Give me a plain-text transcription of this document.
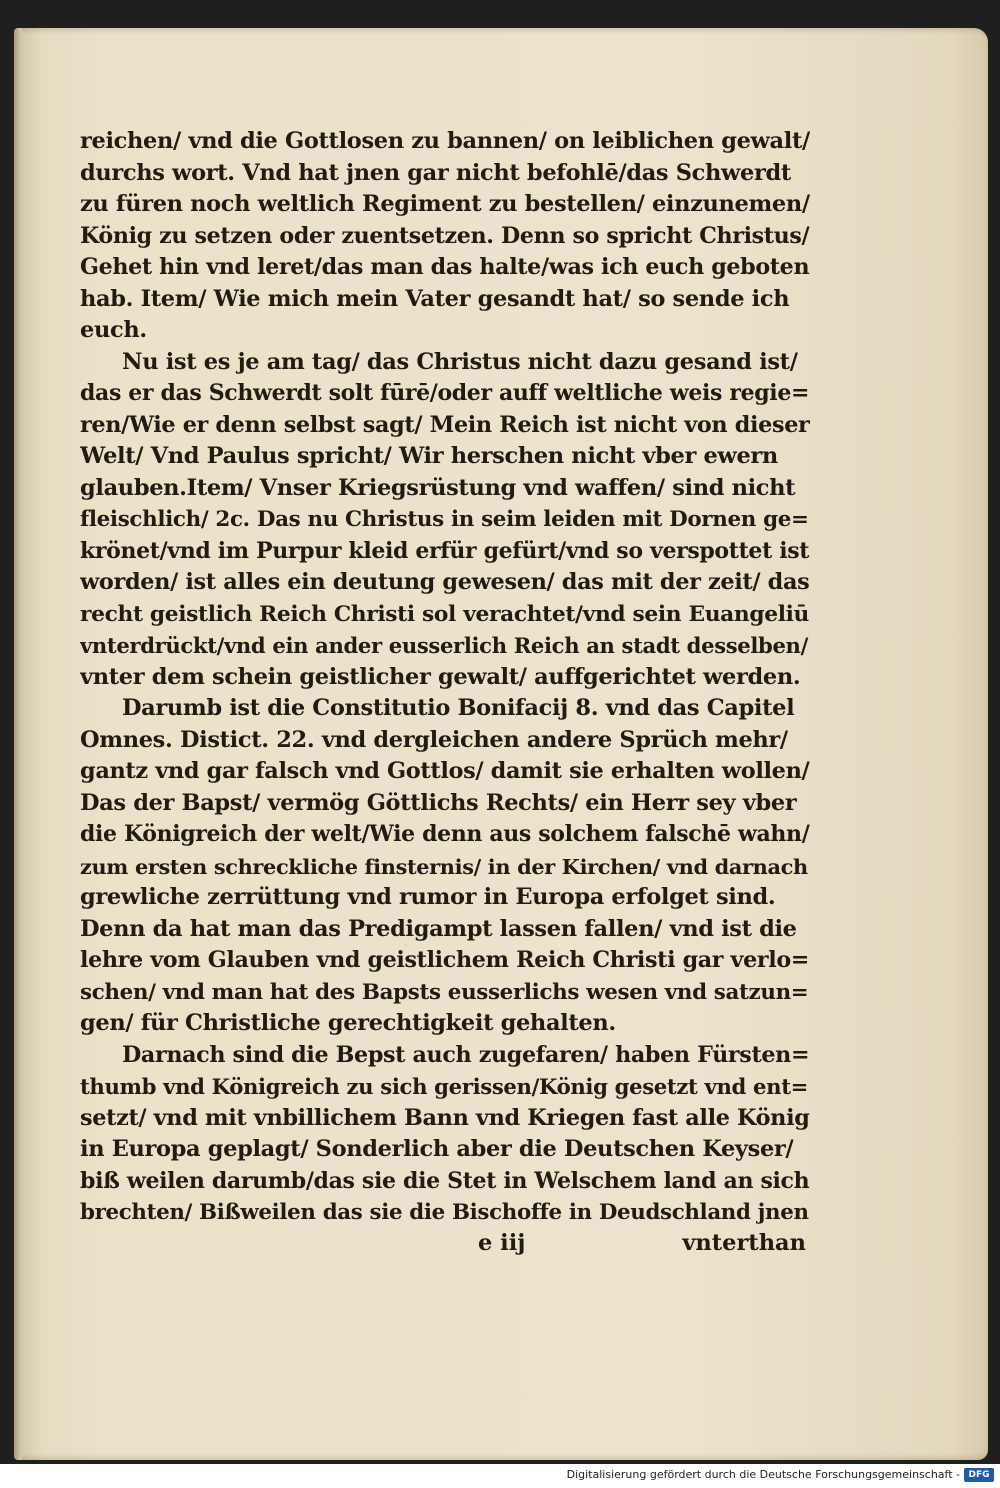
reichen/ vnd die Gottlosen zu bannen/ on leiblichen gewalt/
durchs wort. Vnd hat jnen gar nicht befohlē/das Schwerdt
zu füren noch weltlich Regiment zu bestellen/ einzunemen/
König zu setzen oder zuentsetzen. Denn so spricht Christus/
Gehet hin vnd leret/das man das halte/was ich euch geboten
hab. Item/ Wie mich mein Vater gesandt hat/ so sende ich
euch.
Nu ist es je am tag/ das Christus nicht dazu gesand ist/
das er das Schwerdt solt fūrē/oder auff weltliche weis regie=
ren/Wie er denn selbst sagt/ Mein Reich ist nicht von dieser
Welt/ Vnd Paulus spricht/ Wir herschen nicht vber ewern
glauben.Item/ Vnser Kriegsrüstung vnd waffen/ sind nicht
fleischlich/ 2c. Das nu Christus in seim leiden mit Dornen ge=
krönet/vnd im Purpur kleid erfür gefürt/vnd so verspottet ist
worden/ ist alles ein deutung gewesen/ das mit der zeit/ das
recht geistlich Reich Christi sol verachtet/vnd sein Euangeliū
vnterdrückt/vnd ein ander eusserlich Reich an stadt desselben/
vnter dem schein geistlicher gewalt/ auffgerichtet werden.
Darumb ist die Constitutio Bonifacij 8. vnd das Capitel
Omnes. Distict. 22. vnd dergleichen andere Sprüch mehr/
gantz vnd gar falsch vnd Gottlos/ damit sie erhalten wollen/
Das der Bapst/ vermög Göttlichs Rechts/ ein Herr sey vber
die Königreich der welt/Wie denn aus solchem falschē wahn/
zum ersten schreckliche finsternis/ in der Kirchen/ vnd darnach
grewliche zerrüttung vnd rumor in Europa erfolget sind.
Denn da hat man das Predigampt lassen fallen/ vnd ist die
lehre vom Glauben vnd geistlichem Reich Christi gar verlo=
schen/ vnd man hat des Bapsts eusserlichs wesen vnd satzun=
gen/ für Christliche gerechtigkeit gehalten.
Darnach sind die Bepst auch zugefaren/ haben Fürsten=
thumb vnd Königreich zu sich gerissen/König gesetzt vnd ent=
setzt/ vnd mit vnbillichem Bann vnd Kriegen fast alle König
in Europa geplagt/ Sonderlich aber die Deutschen Keyser/
biß weilen darumb/das sie die Stet in Welschem land an sich
brechten/ Bißweilen das sie die Bischoffe in Deudschland jnen
e iij	vnterthan
Digitalisierung gefördert durch die Deutsche Forschungsgemeinschaft - DFG
